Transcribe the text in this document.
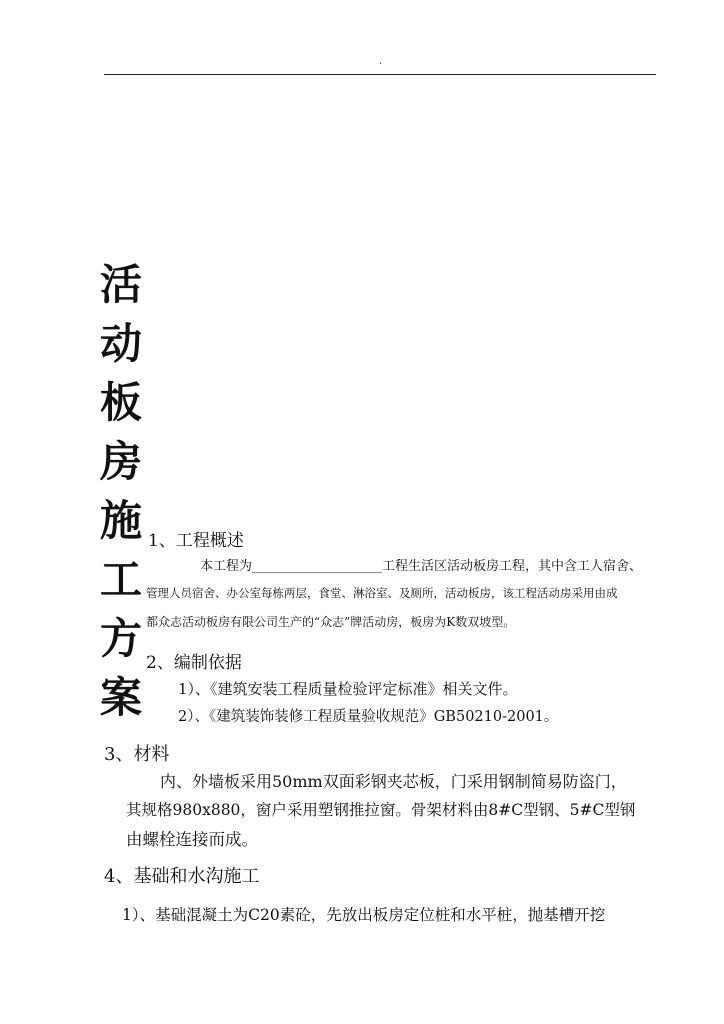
.
活
动
板
房
施
工
方
案
1、工程概述
本工程为____________________工程生活区活动板房工程，其中含工人宿舍、
管理人员宿舍、办公室每栋两层，食堂、淋浴室、及厕所，活动板房，该工程活动房采用由成
都众志活动板房有限公司生产的“众志”牌活动房，板房为K数双坡型。
2、编制依据
1）、《建筑安装工程质量检验评定标准》相关文件。
2）、《建筑装饰装修工程质量验收规范》GB50210-2001。
3、材料
内、外墙板采用50mm双面彩钢夹芯板，门采用钢制简易防盗门，
其规格980x880，窗户采用塑钢推拉窗。骨架材料由8#C型钢、5#C型钢
由螺栓连接而成。
4、基础和水沟施工
1）、基础混凝土为C20素砼，先放出板房定位桩和水平桩，抛基槽开挖
